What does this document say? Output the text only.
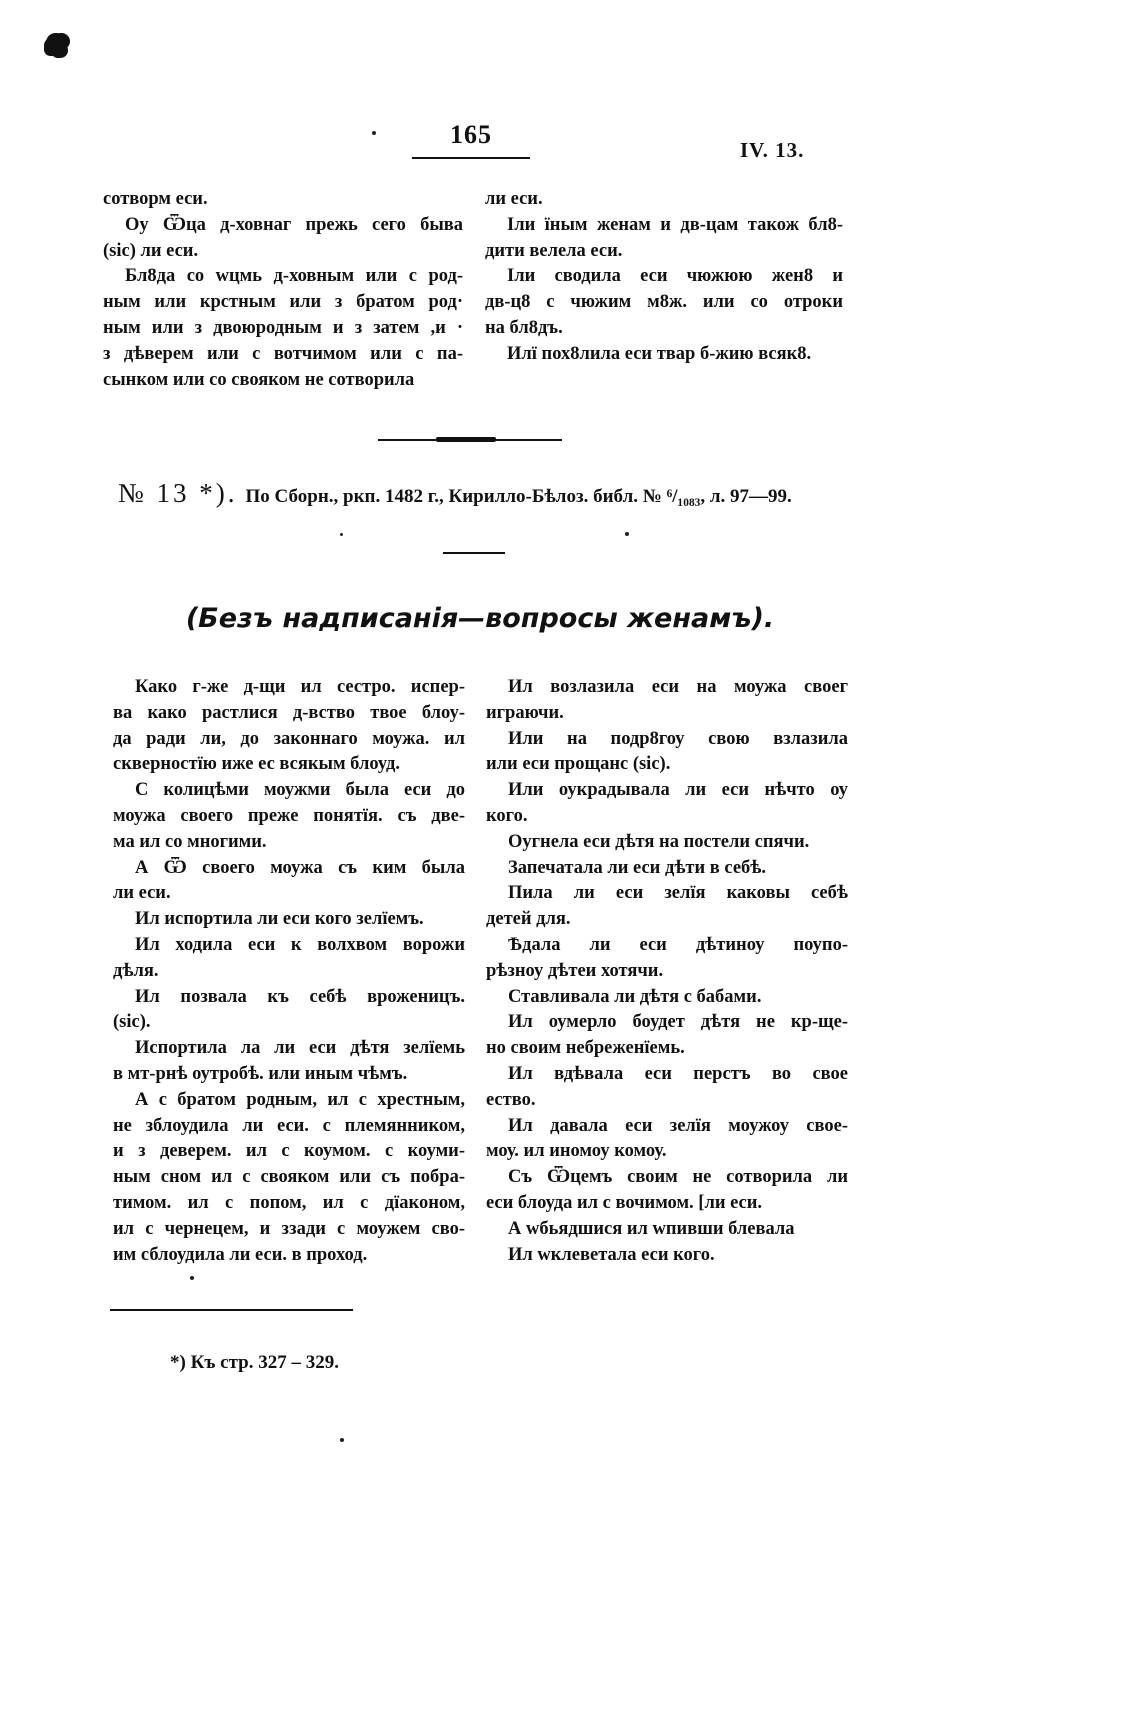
165
IV. 13.
сотворм еси.
Оу Ѿца д-ховнаг прежь сего быва
(sic) ли еси.
Бл8да со wцмь д-ховным или с род-
ным или крстным или з братом род·
ным или з двоюродным и з затем ,и ·
з дѣверем или с вотчимом или с па-
сынком или со свояком не сотворила
ли еси.
Iли їным женам и дв-цам також бл8-
дити велела еси.
Iли сводила еси чюжюю жен8 и
дв-ц8 с чюжим м8ж. или со отроки
на бл8дъ.
Илї пох8лила еси твар б-жию всяк8.
№ 13 *). По Сборн., ркп. 1482 г., Кирилло-Бѣлоз. библ. № ⁶/₁₀₈₃, л. 97—99.
(Безъ надписанія—вопросы женамъ).
Како г-же д-щи ил сестро. испер-
ва како растлися д-вство твое блоу-
да ради ли, до законнаго моужа. ил
скверностїю иже ес всякым блоуд.
С колицѣми моужми была еси до
моужа своего преже понятїя. съ две-
ма ил со многими.
А Ѿ своего моужа съ ким была
ли еси.
Ил испортила ли еси кого зелїемъ.
Ил ходила еси к волхвом ворожи
дѣля.
Ил позвала къ себѣ вроженицъ.
(sic).
Испортила ла ли еси дѣтя зелїемь
в мт-рнѣ оутробѣ. или иным чѣмъ.
А с братом родным, ил с хрестным,
не зблоудила ли еси. с племянником,
и з деверем. ил с коумом. с коуми-
ным сном ил с свояком или съ побра-
тимом. ил с попом, ил с дїаконом,
ил с чернецем, и ззади с моужем сво-
им сблоудила ли еси. в проход.
Ил возлазила еси на моужа своег
играючи.
Или на подр8гоу свою взлазила
или еси прощанс (sic).
Или оукрадывала ли еси нѣчто оу
кого.
Оугнела еси дѣтя на постели спячи.
Запечатала ли еси дѣти в себѣ.
Пила ли еси зелїя каковы себѣ
детей для.
Ѣдала ли еси дѣтиноу поупо-
рѣзноу дѣтеи хотячи.
Ставливала ли дѣтя с бабами.
Ил оумерло боудет дѣтя не кр-ще-
но своим небреженїемь.
Ил вдѣвала еси перстъ во свое
ество.
Ил давала еси зелїя моужоу свое-
моу. ил иномоу комоу.
Съ Ѿцемъ своим не сотворила ли
еси блоуда ил с вочимом. [ли еси.
А wбьядшися ил wпивши блевала
Ил wклеветала еси кого.
*) Къ стр. 327 – 329.
